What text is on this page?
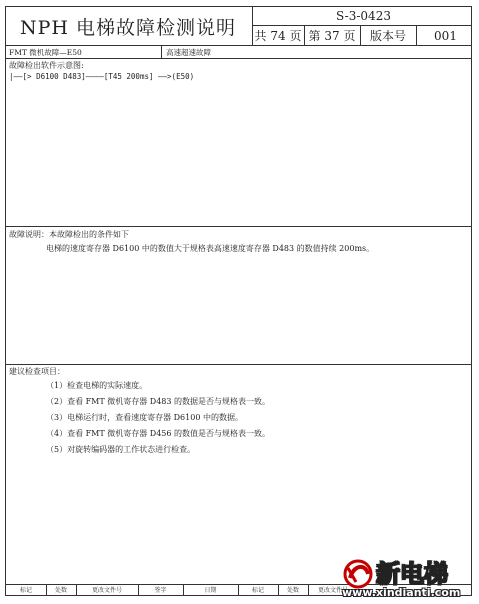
NPH 电梯故障检测说明
S-3-0423
共 74 页 第 37 页	版本号	001
FMT 微机故障—E50	高速超速故障
故障检出软件示意图:
|——[> D6100 D483]————[T45 200ms] ——>(E50)
故障说明：本故障检出的条件如下
电梯的速度寄存器 D6100 中的数值大于规格表高速速度寄存器 D483 的数值持续 200ms。
建议检查项目：
（1）检查电梯的实际速度。
（2）查看 FMT 微机寄存器 D483 的数据是否与规格表一致。
（3）电梯运行时，查看速度寄存器 D6100 中的数据。
（4）查看 FMT 微机寄存器 D456 的数值是否与规格表一致。
（5）对旋转编码器的工作状态进行检查。
标记	处数	更改文件号	签字	日期	标记	处数	更改文件号
新电梯
www.xindianti.com
